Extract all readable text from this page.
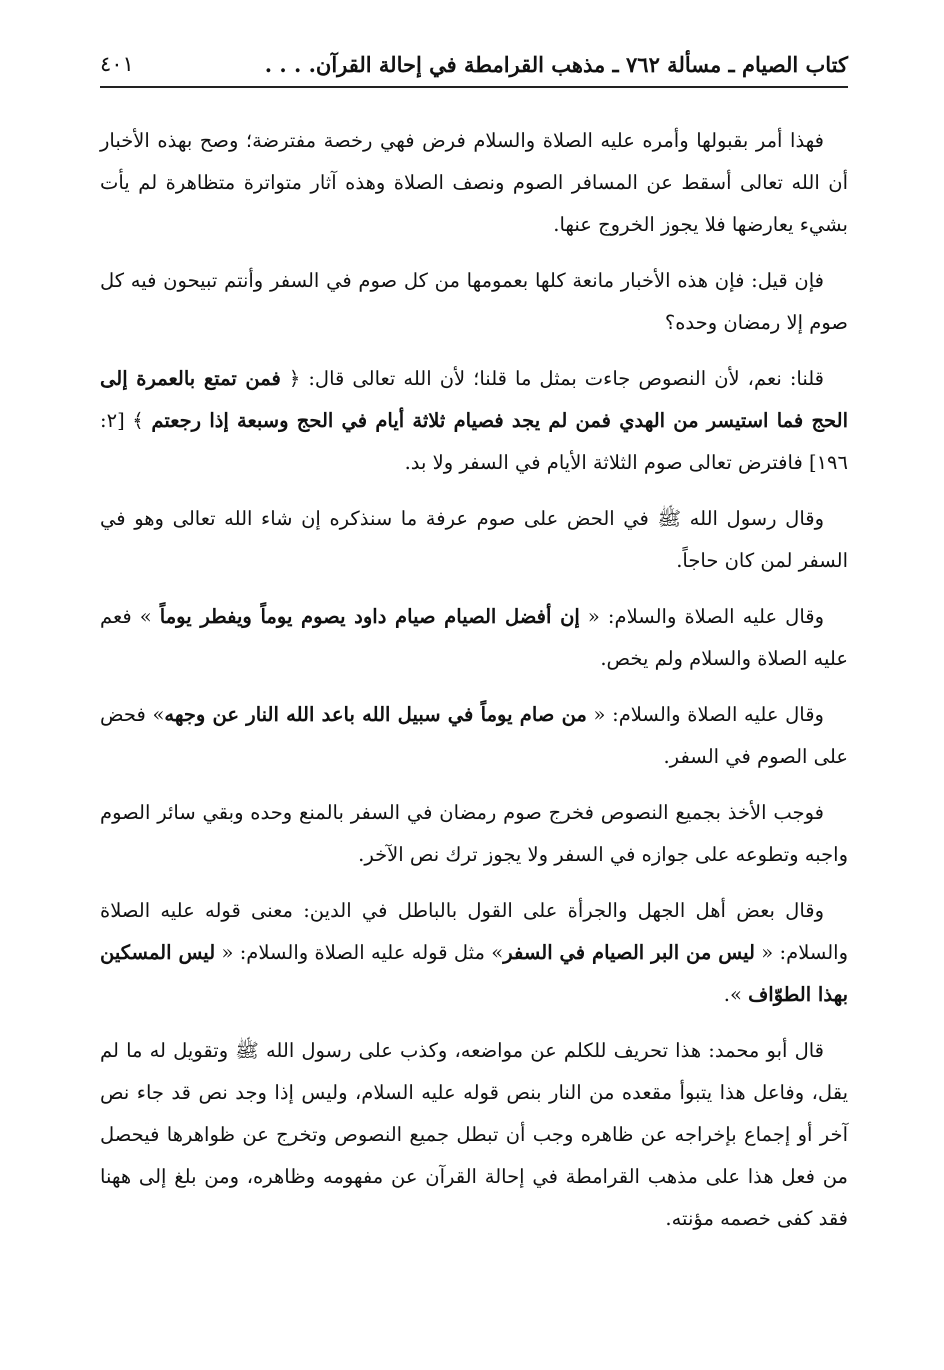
٤٠١	كتاب الصيام ـ مسألة ٧٦٢ ـ مذهب القرامطة في إحالة القرآن. . . .

فهذا أمر بقبولها وأمره عليه الصلاة والسلام فرض فهي رخصة مفترضة؛ وصح بهذه الأخبار أن الله تعالى أسقط عن المسافر الصوم ونصف الصلاة وهذه آثار متواترة متظاهرة لم يأت بشيء يعارضها فلا يجوز الخروج عنها.

فإن قيل: فإن هذه الأخبار مانعة كلها بعمومها من كل صوم في السفر وأنتم تبيحون فيه كل صوم إلا رمضان وحده؟

قلنا: نعم، لأن النصوص جاءت بمثل ما قلنا؛ لأن الله تعالى قال: ﴿ فمن تمتع بالعمرة إلى الحج فما استيسر من الهدي فمن لم يجد فصيام ثلاثة أيام في الحج وسبعة إذا رجعتم ﴾ [٢: ١٩٦] فافترض تعالى صوم الثلاثة الأيام في السفر ولا بد.

وقال رسول الله ﷺ في الحض على صوم عرفة ما سنذكره إن شاء الله تعالى وهو في السفر لمن كان حاجاً.

وقال عليه الصلاة والسلام: « إن أفضل الصيام صيام داود يصوم يوماً ويفطر يوماً » فعم عليه الصلاة والسلام ولم يخص.

وقال عليه الصلاة والسلام: « من صام يوماً في سبيل الله باعد الله النار عن وجهه» فحض على الصوم في السفر.

فوجب الأخذ بجميع النصوص فخرج صوم رمضان في السفر بالمنع وحده وبقي سائر الصوم واجبه وتطوعه على جوازه في السفر ولا يجوز ترك نص الآخر.

وقال بعض أهل الجهل والجرأة على القول بالباطل في الدين: معنى قوله عليه الصلاة والسلام: « ليس من البر الصيام في السفر» مثل قوله عليه الصلاة والسلام: « ليس المسكين بهذا الطوّاف ».

قال أبو محمد: هذا تحريف للكلم عن مواضعه، وكذب على رسول الله ﷺ وتقويل له ما لم يقل، وفاعل هذا يتبوأ مقعده من النار بنص قوله عليه السلام، وليس إذا وجد نص قد جاء نص آخر أو إجماع بإخراجه عن ظاهره وجب أن تبطل جميع النصوص وتخرج عن ظواهرها فيحصل من فعل هذا على مذهب القرامطة في إحالة القرآن عن مفهومه وظاهره، ومن بلغ إلى ههنا فقد كفى خصمه مؤنته.
